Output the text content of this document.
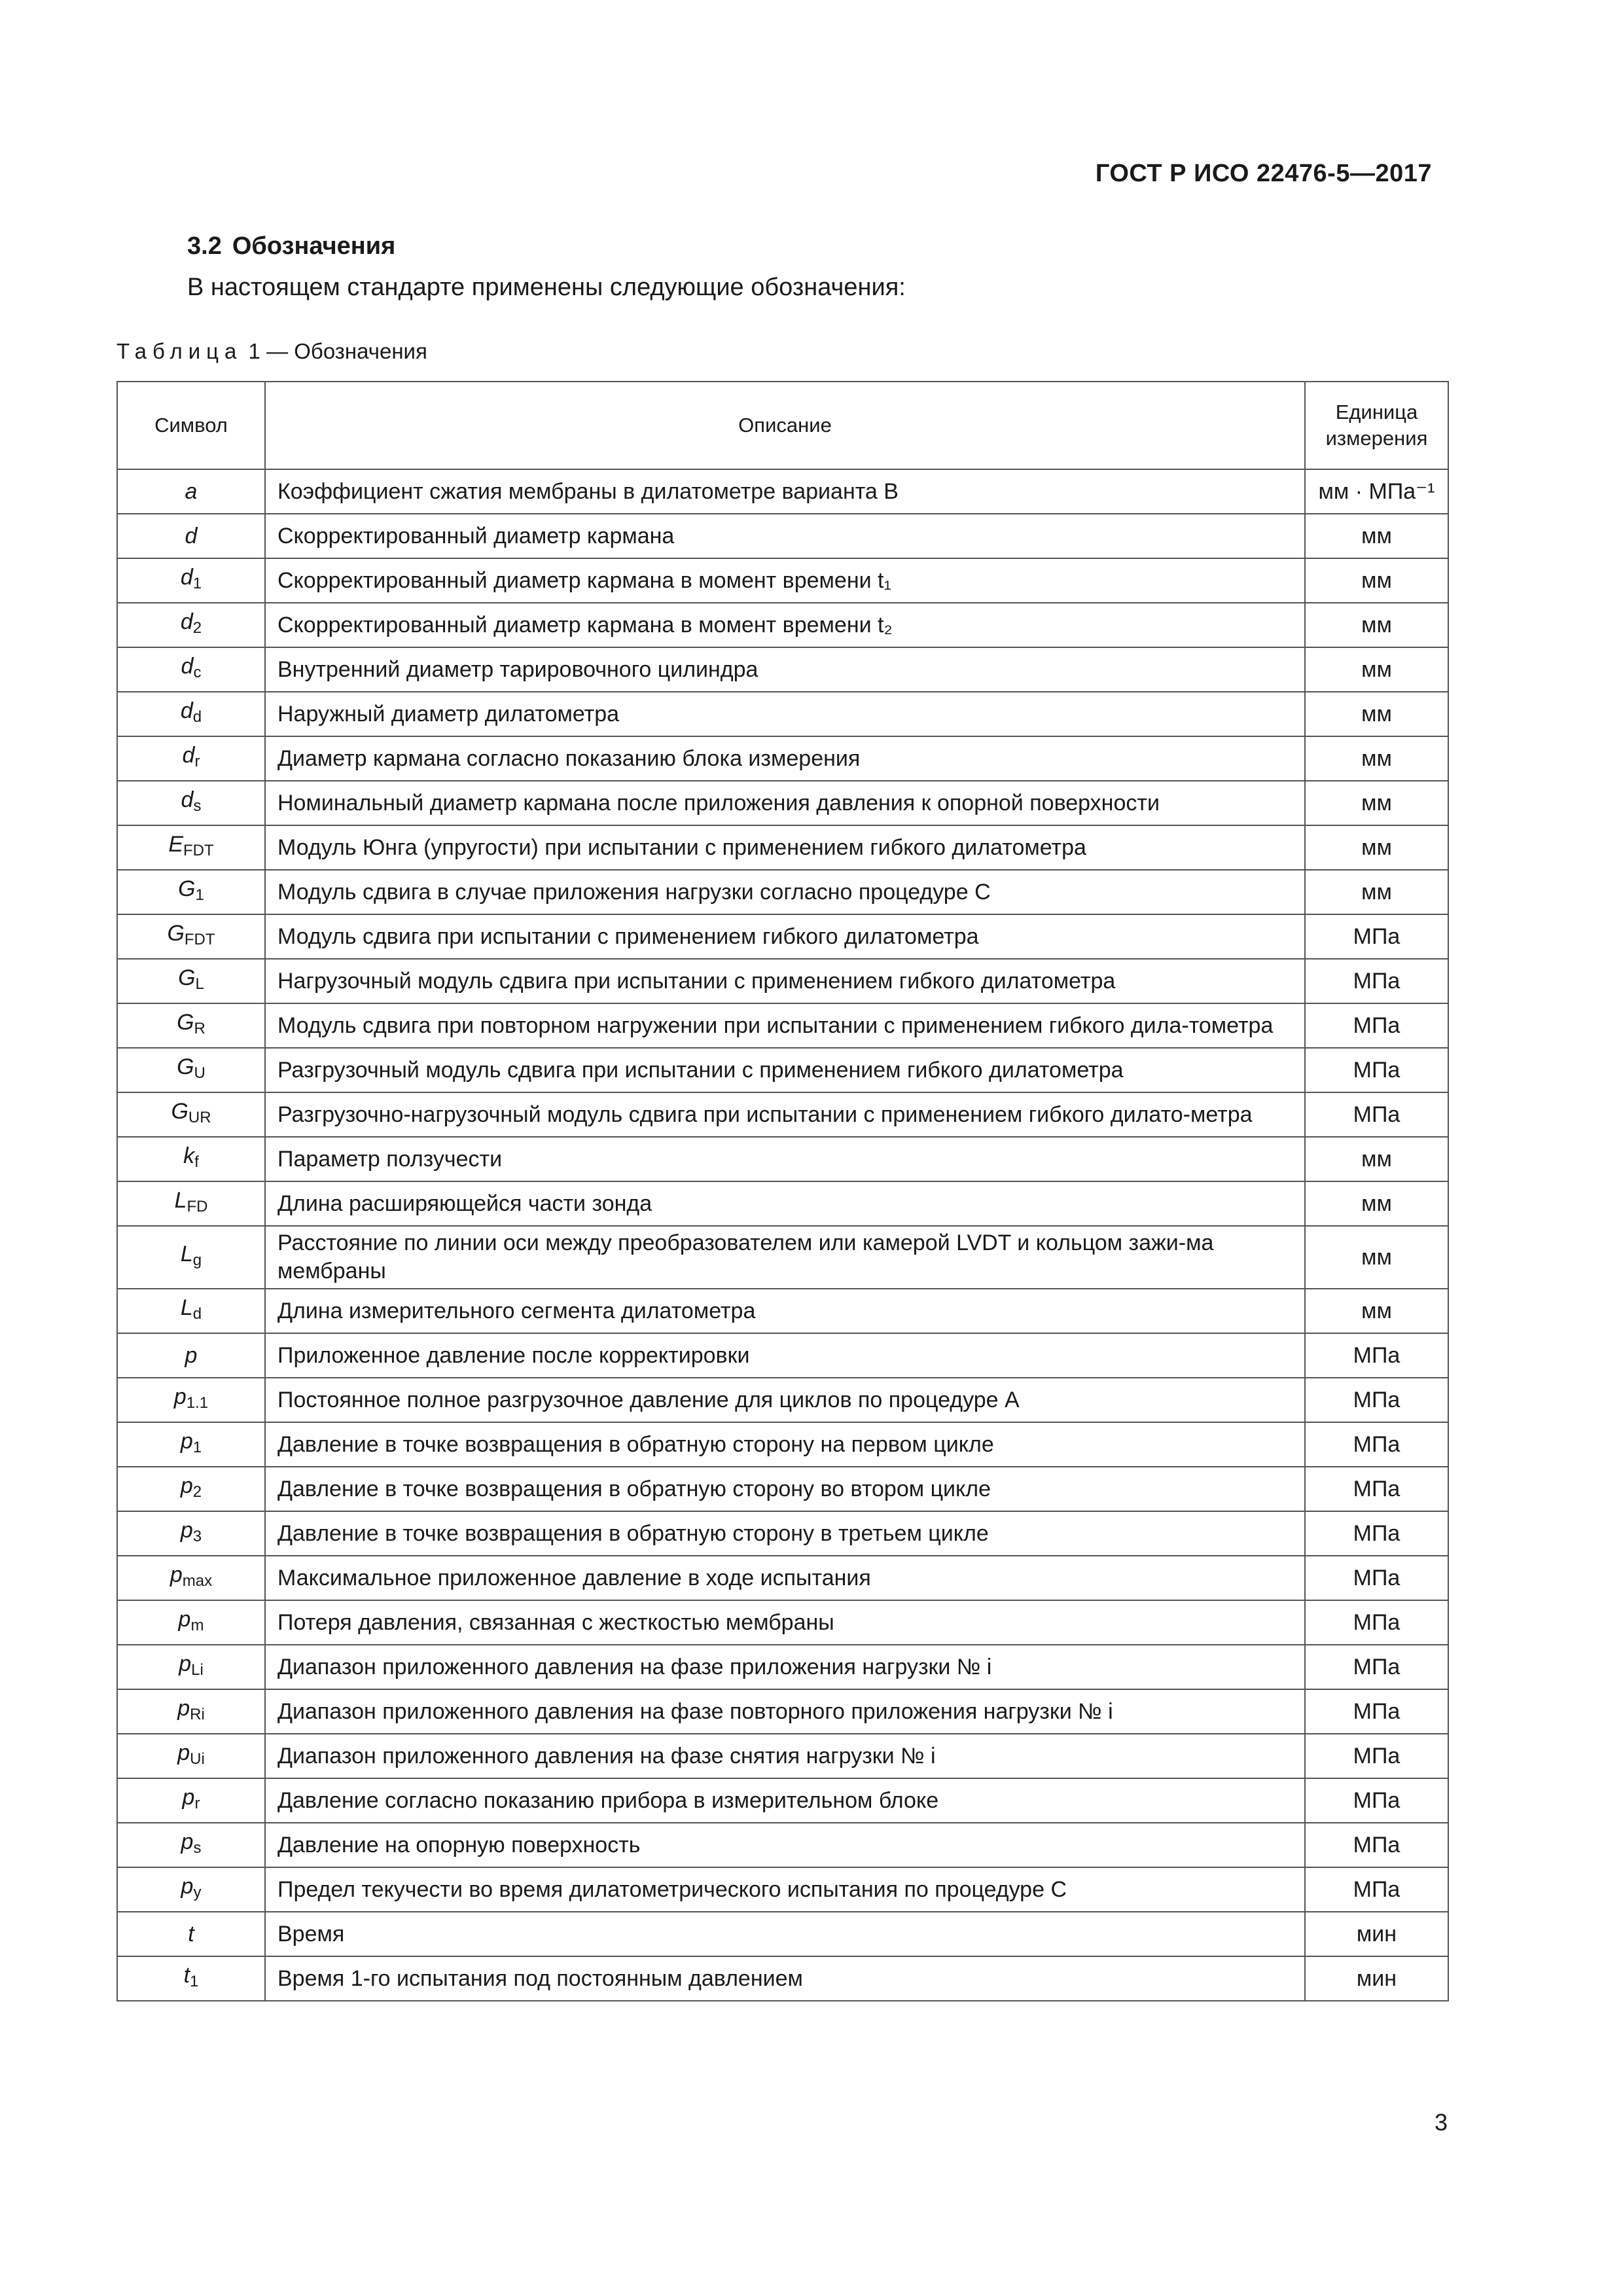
ГОСТ Р ИСО 22476-5—2017
3.2 Обозначения
В настоящем стандарте применены следующие обозначения:
Таблица 1 — Обозначения
Символ	Описание	Единица
измерения
a	Коэффициент сжатия мембраны в дилатометре варианта B	мм · МПа⁻¹
d	Скорректированный диаметр кармана	мм
$d_1$	Скорректированный диаметр кармана в момент времени t₁	мм
$d_2$	Скорректированный диаметр кармана в момент времени t₂	мм
$d_c$	Внутренний диаметр тарировочного цилиндра	мм
$d_d$	Наружный диаметр дилатометра	мм
$d_r$	Диаметр кармана согласно показанию блока измерения	мм
$d_s$	Номинальный диаметр кармана после приложения давления к опорной поверхности	мм
$E_{FDT}$	Модуль Юнга (упругости) при испытании с применением гибкого дилатометра	мм
$G_1$	Модуль сдвига в случае приложения нагрузки согласно процедуре C	мм
$G_{FDT}$	Модуль сдвига при испытании с применением гибкого дилатометра	МПа
$G_L$	Нагрузочный модуль сдвига при испытании с применением гибкого дилатометра	МПа
$G_R$	Модуль сдвига при повторном нагружении при испытании с применением гибкого дила-тометра	МПа
$G_U$	Разгрузочный модуль сдвига при испытании с применением гибкого дилатометра	МПа
$G_{UR}$	Разгрузочно-нагрузочный модуль сдвига при испытании с применением гибкого дилато-метра	МПа
$k_f$	Параметр ползучести	мм
$L_{FD}$	Длина расширяющейся части зонда	мм
$L_g$	Расстояние по линии оси между преобразователем или камерой LVDT и кольцом зажи-ма мембраны	мм
$L_d$	Длина измерительного сегмента дилатометра	мм
p	Приложенное давление после корректировки	МПа
$p_{1.1}$	Постоянное полное разгрузочное давление для циклов по процедуре A	МПа
$p_1$	Давление в точке возвращения в обратную сторону на первом цикле	МПа
$p_2$	Давление в точке возвращения в обратную сторону во втором цикле	МПа
$p_3$	Давление в точке возвращения в обратную сторону в третьем цикле	МПа
$p_{max}$	Максимальное приложенное давление в ходе испытания	МПа
$p_m$	Потеря давления, связанная с жесткостью мембраны	МПа
$p_{Li}$	Диапазон приложенного давления на фазе приложения нагрузки № i	МПа
$p_{Ri}$	Диапазон приложенного давления на фазе повторного приложения нагрузки № i	МПа
$p_{Ui}$	Диапазон приложенного давления на фазе снятия нагрузки № i	МПа
$p_r$	Давление согласно показанию прибора в измерительном блоке	МПа
$p_s$	Давление на опорную поверхность	МПа
$p_y$	Предел текучести во время дилатометрического испытания по процедуре C	МПа
t	Время	мин
$t_1$	Время 1-го испытания под постоянным давлением	мин
3
